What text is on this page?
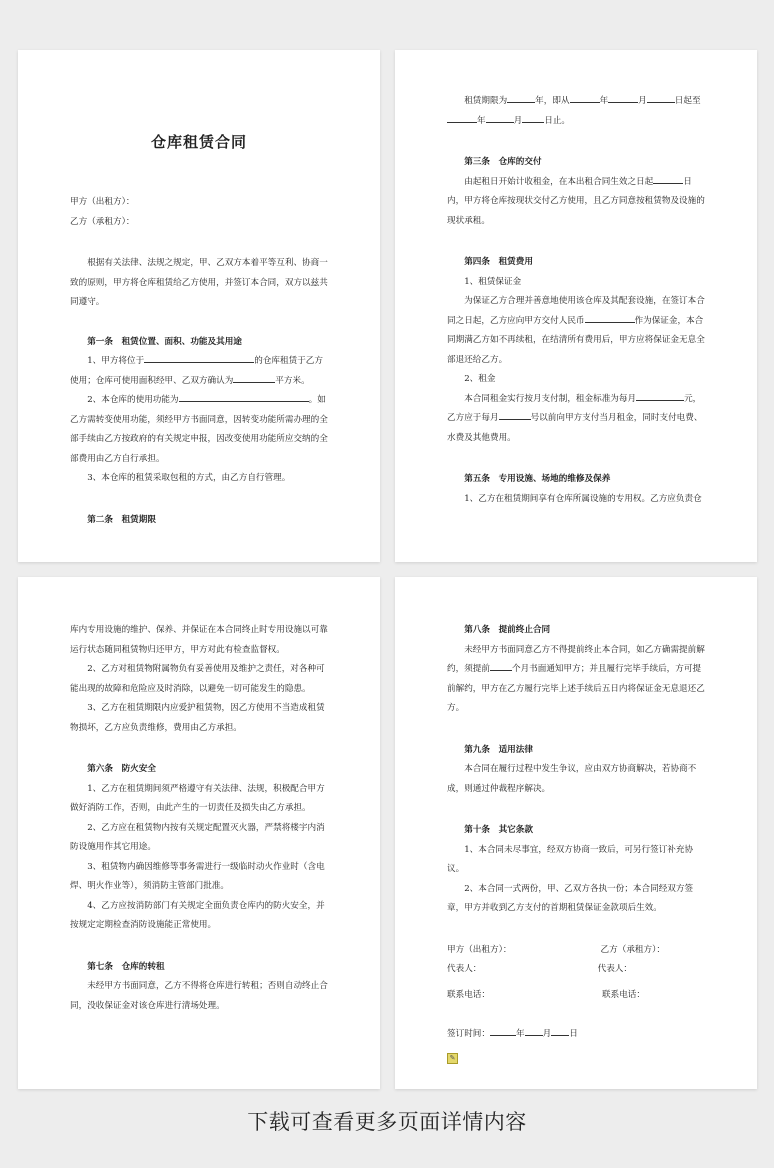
仓库租赁合同

甲方（出租方）：

乙方（承租方）：

根据有关法律、法规之规定，甲、乙双方本着平等互利、协商一致的原则，甲方将仓库租赁给乙方使用，并签订本合同，双方以兹共同遵守。

第一条　租赁位置、面积、功能及其用途

1、甲方将位于	的仓库租赁于乙方使用；仓库可使用面积经甲、乙双方确认为	平方米。

2、本仓库的使用功能为	。如乙方需转变使用功能，须经甲方书面同意，因转变功能所需办理的全部手续由乙方按政府的有关规定申报，因改变使用功能所应交纳的全部费用由乙方自行承担。

3、本仓库的租赁采取包租的方式，由乙方自行管理。

第二条　租赁期限

租赁期限为	年，即从	年	月	日起至年	月	日止。

第三条　仓库的交付

由起租日开始计收租金，在本出租合同生效之日起	日内，甲方将仓库按现状交付乙方使用，且乙方同意按租赁物及设施的现状承租。

第四条　租赁费用

1、租赁保证金

为保证乙方合理并善意地使用该仓库及其配套设施，在签订本合同之日起，乙方应向甲方交付人民币	作为保证金，本合同期满乙方如不再续租，在结清所有费用后，甲方应将保证金无息全部退还给乙方。

2、租金

本合同租金实行按月支付制，租金标准为每月	元，乙方应于每月	号以前向甲方支付当月租金，同时支付电费、水费及其他费用。

第五条　专用设施、场地的维修及保养

1、乙方在租赁期间享有仓库所属设施的专用权。乙方应负责仓

库内专用设施的维护、保养、并保证在本合同终止时专用设施以可靠运行状态随同租赁物归还甲方，甲方对此有检查监督权。

2、乙方对租赁物附属物负有妥善使用及维护之责任，对各种可能出现的故障和危险应及时消除，以避免一切可能发生的隐患。

3、乙方在租赁期限内应爱护租赁物，因乙方使用不当造成租赁物损坏，乙方应负责维修，费用由乙方承担。

第六条　防火安全

1、乙方在租赁期间须严格遵守有关法律、法规，积极配合甲方做好消防工作，否则，由此产生的一切责任及损失由乙方承担。

2、乙方应在租赁物内按有关规定配置灭火器，严禁将楼宇内消防设施用作其它用途。

3、租赁物内确因维修等事务需进行一级临时动火作业时（含电焊、明火作业等），须消防主管部门批准。

4、乙方应按消防部门有关规定全面负责仓库内的防火安全，并按规定定期检查消防设施能正常使用。

第七条　仓库的转租

未经甲方书面同意，乙方不得将仓库进行转租；否则自动终止合同，没收保证金对该仓库进行清场处理。

第八条　提前终止合同

未经甲方书面同意乙方不得提前终止本合同，如乙方确需提前解约，须提前	个月书面通知甲方；并且履行完毕手续后，方可提前解约，甲方在乙方履行完毕上述手续后五日内将保证金无息退还乙方。

第九条　适用法律

本合同在履行过程中发生争议，应由双方协商解决，若协商不成，则通过仲裁程序解决。

第十条　其它条款

1、本合同未尽事宜，经双方协商一致后，可另行签订补充协议。

2、本合同一式两份，甲、乙双方各执一份；本合同经双方签章，甲方并收到乙方支付的首期租赁保证金款项后生效。

甲方（出租方）：	乙方（承租方）：
代表人：	代表人：
联系电话：	联系电话：

签订时间：	年 月 日

✎
下载可查看更多页面详情内容
